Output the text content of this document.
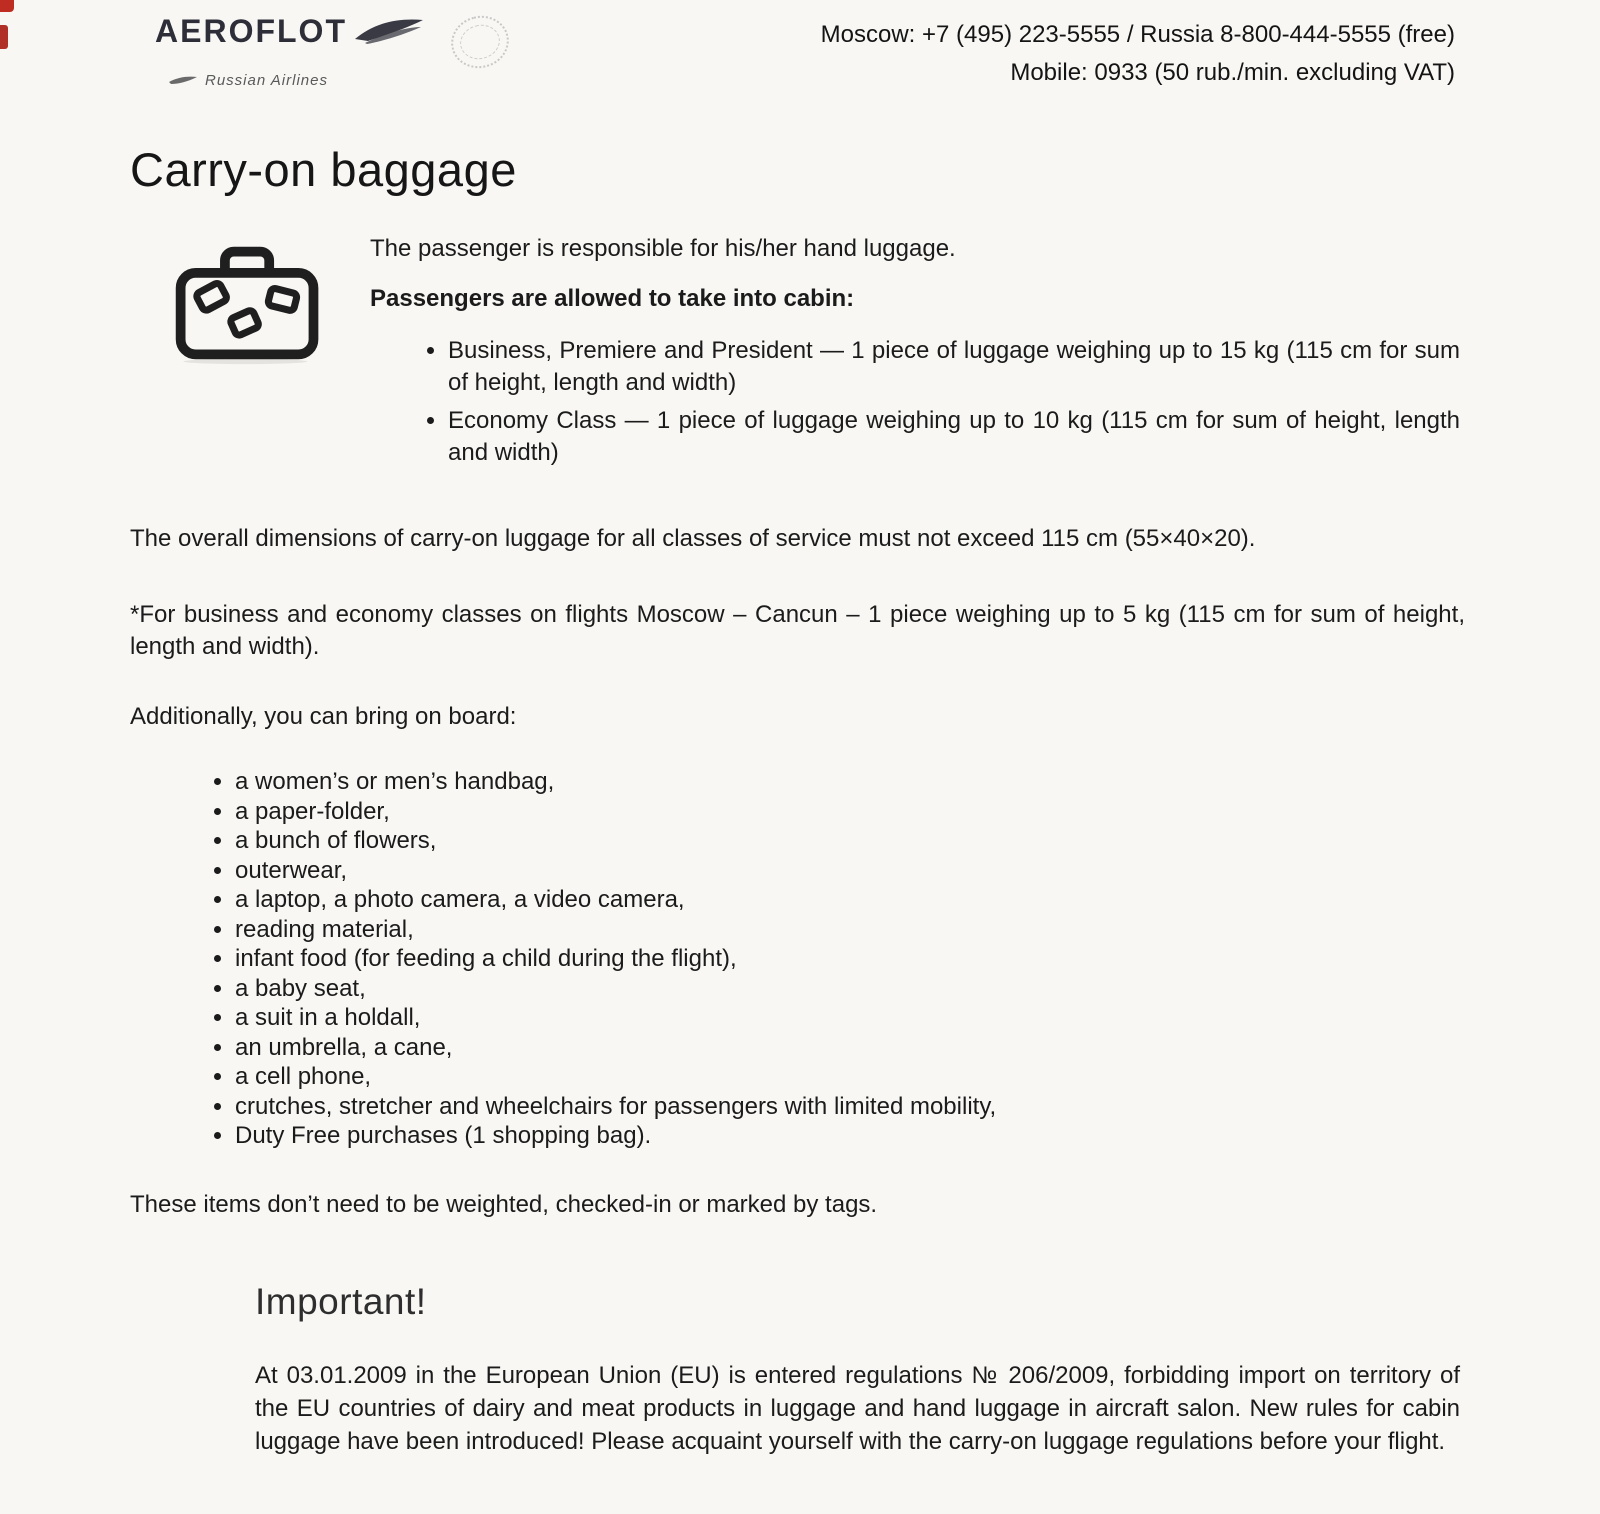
AEROFLOT
Russian Airlines
Moscow: +7 (495) 223-5555 / Russia 8-800-444-5555 (free)
Mobile: 0933 (50 rub./min. excluding VAT)
Carry-on baggage

The passenger is responsible for his/her hand luggage.

Passengers are allowed to take into cabin:

• Business, Premiere and President — 1 piece of luggage weighing up to 15 kg (115 cm for sum of height, length and width)
• Economy Class — 1 piece of luggage weighing up to 10 kg (115 cm for sum of height, length and width)

The overall dimensions of carry-on luggage for all classes of service must not exceed 115 cm (55×40×20).

*For business and economy classes on flights Moscow – Cancun – 1 piece weighing up to 5 kg (115 cm for sum of height, length and width).

Additionally, you can bring on board:

• a women’s or men’s handbag,
• a paper-folder,
• a bunch of flowers,
• outerwear,
• a laptop, a photo camera, a video camera,
• reading material,
• infant food (for feeding a child during the flight),
• a baby seat,
• a suit in a holdall,
• an umbrella, a cane,
• a cell phone,
• crutches, stretcher and wheelchairs for passengers with limited mobility,
• Duty Free purchases (1 shopping bag).

These items don’t need to be weighted, checked-in or marked by tags.

Important!

At 03.01.2009 in the European Union (EU) is entered regulations № 206/2009, forbidding import on territory of the EU countries of dairy and meat products in luggage and hand luggage in aircraft salon. New rules for cabin luggage have been introduced! Please acquaint yourself with the carry-on luggage regulations before your flight.
